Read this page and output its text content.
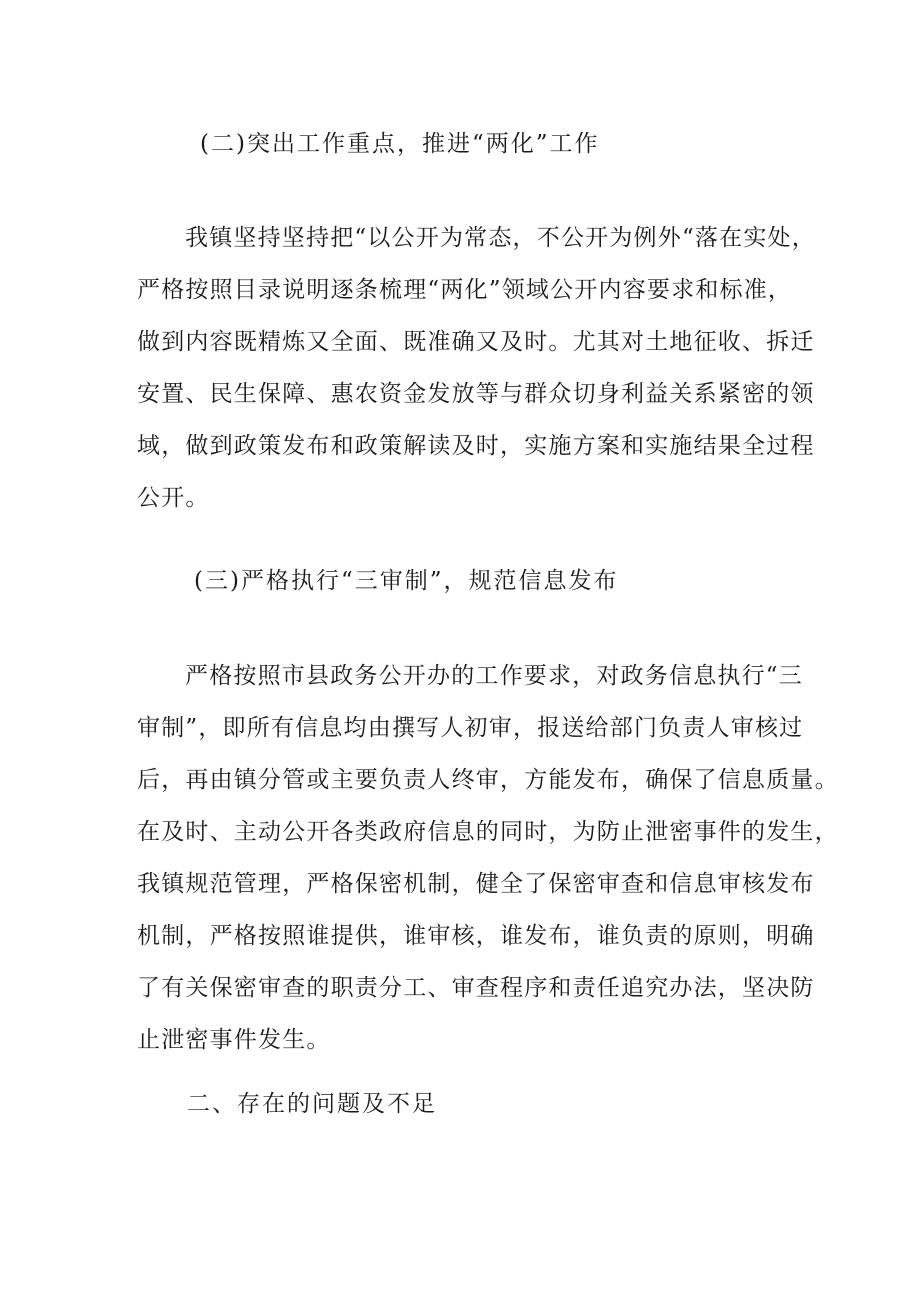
(二)突出工作重点，推进“两化”工作
我镇坚持坚持把“以公开为常态，不公开为例外“落在实处，
严格按照目录说明逐条梳理“两化”领域公开内容要求和标准，
做到内容既精炼又全面、既准确又及时。尤其对土地征收、拆迁
安置、民生保障、惠农资金发放等与群众切身利益关系紧密的领
域，做到政策发布和政策解读及时，实施方案和实施结果全过程
公开。
(三)严格执行“三审制”，规范信息发布
严格按照市县政务公开办的工作要求，对政务信息执行“三
审制”，即所有信息均由撰写人初审，报送给部门负责人审核过
后，再由镇分管或主要负责人终审，方能发布，确保了信息质量。
在及时、主动公开各类政府信息的同时，为防止泄密事件的发生，
我镇规范管理，严格保密机制，健全了保密审查和信息审核发布
机制，严格按照谁提供，谁审核，谁发布，谁负责的原则，明确
了有关保密审查的职责分工、审查程序和责任追究办法，坚决防
止泄密事件发生。
二、存在的问题及不足
